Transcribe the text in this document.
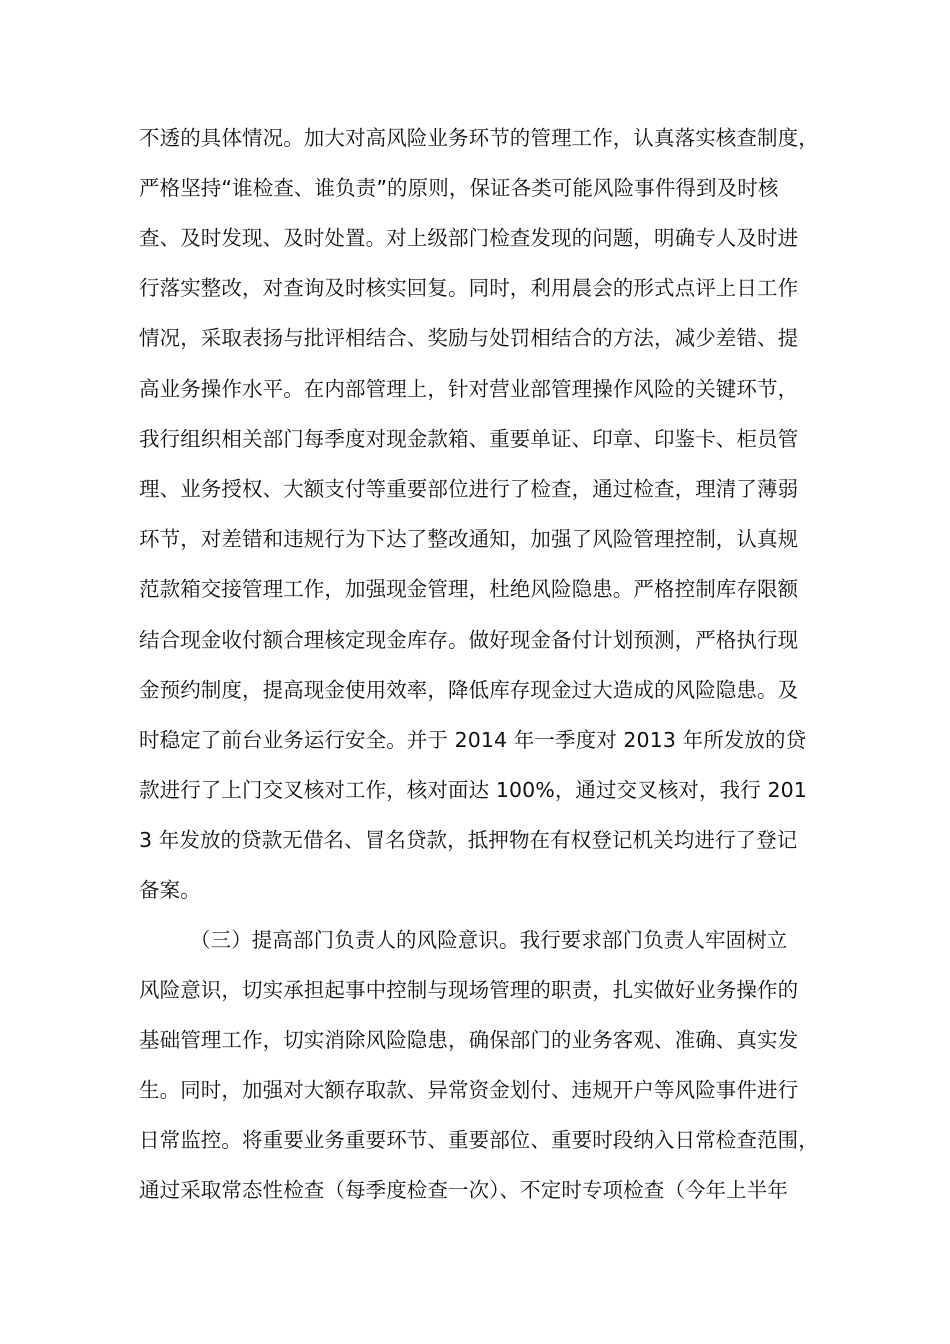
不透的具体情况。加大对高风险业务环节的管理工作，认真落实核查制度，
严格坚持“谁检查、谁负责”的原则，保证各类可能风险事件得到及时核
查、及时发现、及时处置。对上级部门检查发现的问题，明确专人及时进
行落实整改，对查询及时核实回复。同时，利用晨会的形式点评上日工作
情况，采取表扬与批评相结合、奖励与处罚相结合的方法，减少差错、提
高业务操作水平。在内部管理上，针对营业部管理操作风险的关键环节，
我行组织相关部门每季度对现金款箱、重要单证、印章、印鉴卡、柜员管
理、业务授权、大额支付等重要部位进行了检查，通过检查，理清了薄弱
环节，对差错和违规行为下达了整改通知，加强了风险管理控制，认真规
范款箱交接管理工作，加强现金管理，杜绝风险隐患。严格控制库存限额
结合现金收付额合理核定现金库存。做好现金备付计划预测，严格执行现
金预约制度，提高现金使用效率，降低库存现金过大造成的风险隐患。及
时稳定了前台业务运行安全。并于 2014 年一季度对 2013 年所发放的贷
款进行了上门交叉核对工作，核对面达 100%，通过交叉核对，我行 201
3 年发放的贷款无借名、冒名贷款，抵押物在有权登记机关均进行了登记
备案。
（三）提高部门负责人的风险意识。我行要求部门负责人牢固树立
风险意识，切实承担起事中控制与现场管理的职责，扎实做好业务操作的
基础管理工作，切实消除风险隐患，确保部门的业务客观、准确、真实发
生。同时，加强对大额存取款、异常资金划付、违规开户等风险事件进行
日常监控。将重要业务重要环节、重要部位、重要时段纳入日常检查范围，
通过采取常态性检查（每季度检查一次）、不定时专项检查（今年上半年
